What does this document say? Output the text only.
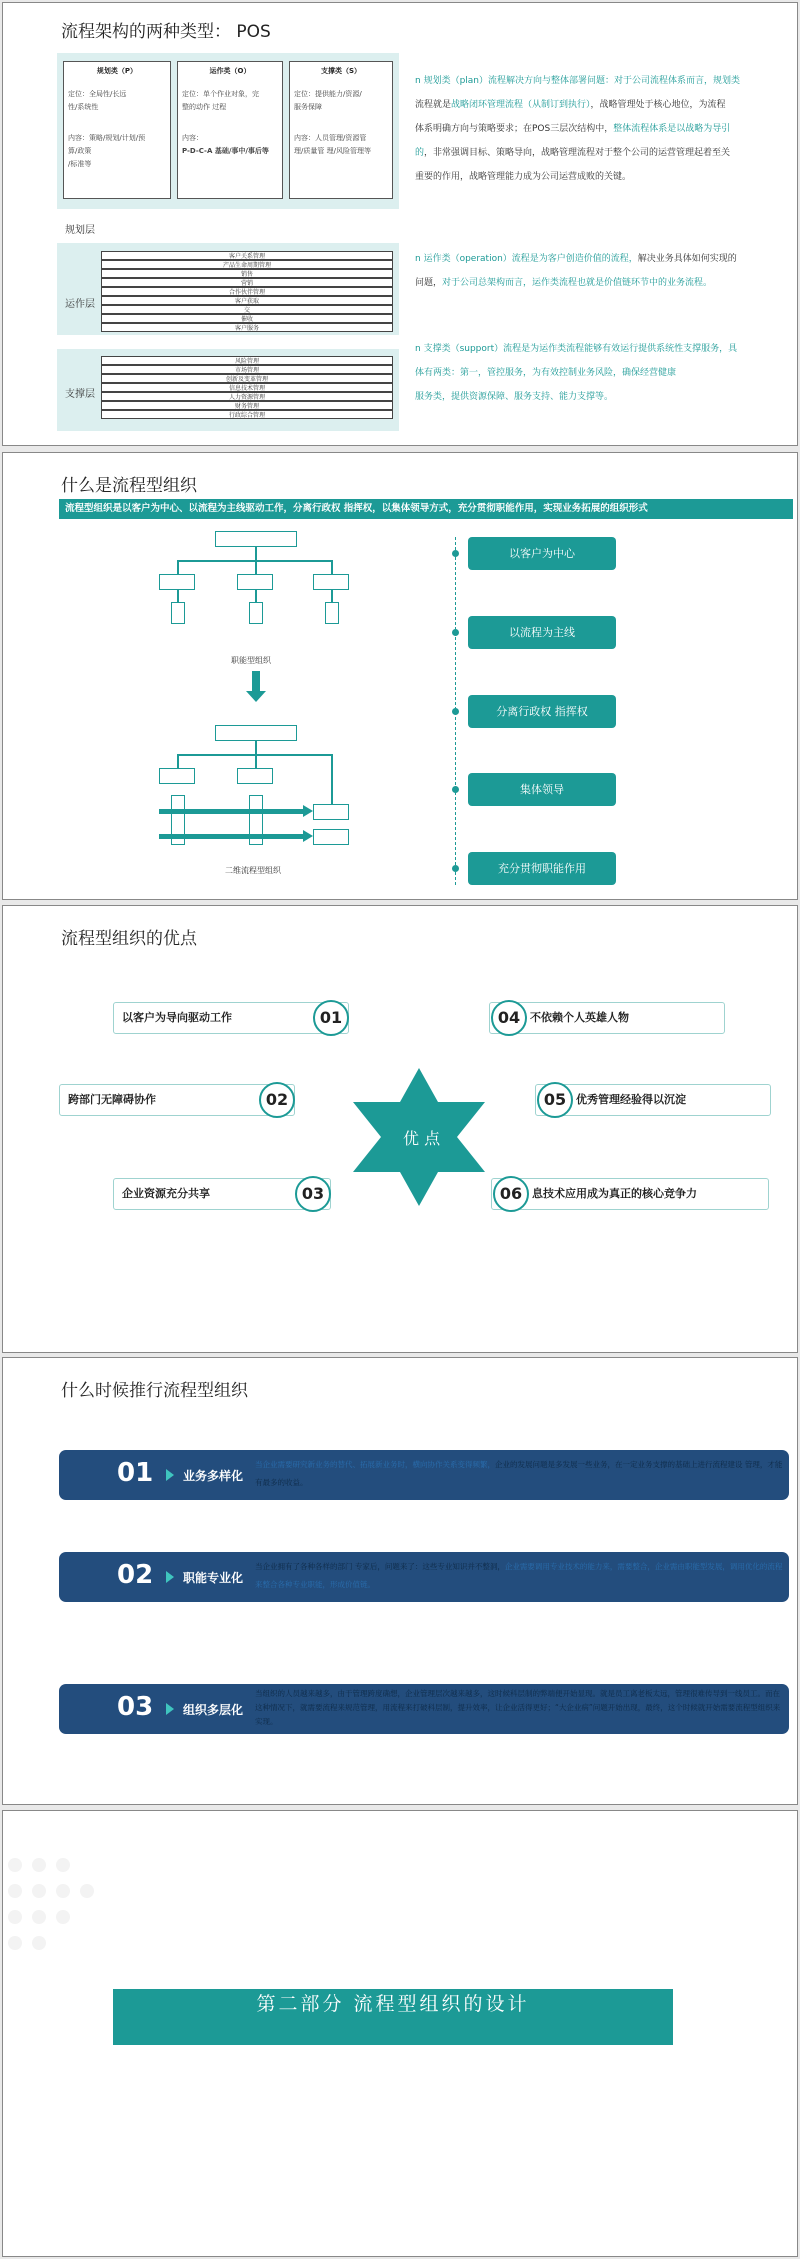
流程架构的两种类型： POS
规划类（P）
定位：全局性/长远
性/系统性
内容：策略/规划/计划/预
算/政策
/标准等
运作类（O）
定位：单个作业对象，完
整的动作 过程
内容：
P-D-C-A 基础/事中/事后等
支撑类（S）
定位：提供能力/资源/
服务保障
内容：人员管理/资源管
理/质量管 理/风险管理等
规划层
运作层
客户关系管理
产品生命周期管理
销售
营销
合作伙伴管理
客户获取
交
催收
客户服务
支撑层
风险管理
市场管理
创新及变革管理
信息技术管理
人力资源管理
财务管理
行政综合管理
n 规划类（plan）流程解决方向与整体部署问题：对于公司流程体系而言，规划类
流程就是战略闭环管理流程（从制订到执行），战略管理处于核心地位，为流程
体系明确方向与策略要求；在POS三层次结构中，整体流程体系是以战略为导引
的，非常强调目标、策略导向，战略管理流程对于整个公司的运营管理起着至关
重要的作用，战略管理能力成为公司运营成败的关键。
n 运作类（operation）流程是为客户创造价值的流程，解决业务具体如何实现的
问题，对于公司总架构而言，运作类流程也就是价值链环节中的业务流程。
n 支撑类（support）流程是为运作类流程能够有效运行提供系统性支撑服务，具
体有两类：第一，管控服务，为有效控制业务风险，确保经营健康
服务类，提供资源保障、服务支持、能力支撑等。
什么是流程型组织
流程型组织是以客户为中心、以流程为主线驱动工作，分离行政权 指挥权，以集体领导方式，充分贯彻职能作用，实现业务拓展的组织形式
职能型组织
二维流程型组织
以客户为中心
以流程为主线
分离行政权 指挥权
集体领导
充分贯彻职能作用
流程型组织的优点
优 点
以客户为导向驱动工作	01
跨部门无障碍协作	02
企业资源充分共享	03
不依赖个人英雄人物
04
优秀管理经验得以沉淀
05
息技术应用成为真正的核心竞争力
06
什么时候推行流程型组织
01 业务多样化
当企业需要研究新业务的替代、拓展新业务时，横向协作关系变得频繁，企业的发展问题是多发展一些业务，在一定业务支撑的基础上进行流程建设 管理，才能有最多的收益。
02 职能专业化
当企业拥有了各种各样的部门 专家后，问题来了：这些专业知识并不整洞，企业需要调用专业技术的能力来，需要整合，企业需由职能型发展，调用优化的流程来整合各种专业职能，形成价值链。
03 组织多层化
当组织的人员越来越多，由于管理跨度确想，企业管理层次越来越多，这时候科层制的弊端便开始显现。就是员工离老板太远，管理很难传导到一线员工。而在这种情况下，就需要流程来规范管理，用流程来打破科层制，提升效率，让企业活得更好；“大企业病”问题开始出现，最终，这个时候就开始需要流程型组织来实现。
第二部分 流程型组织的设计
